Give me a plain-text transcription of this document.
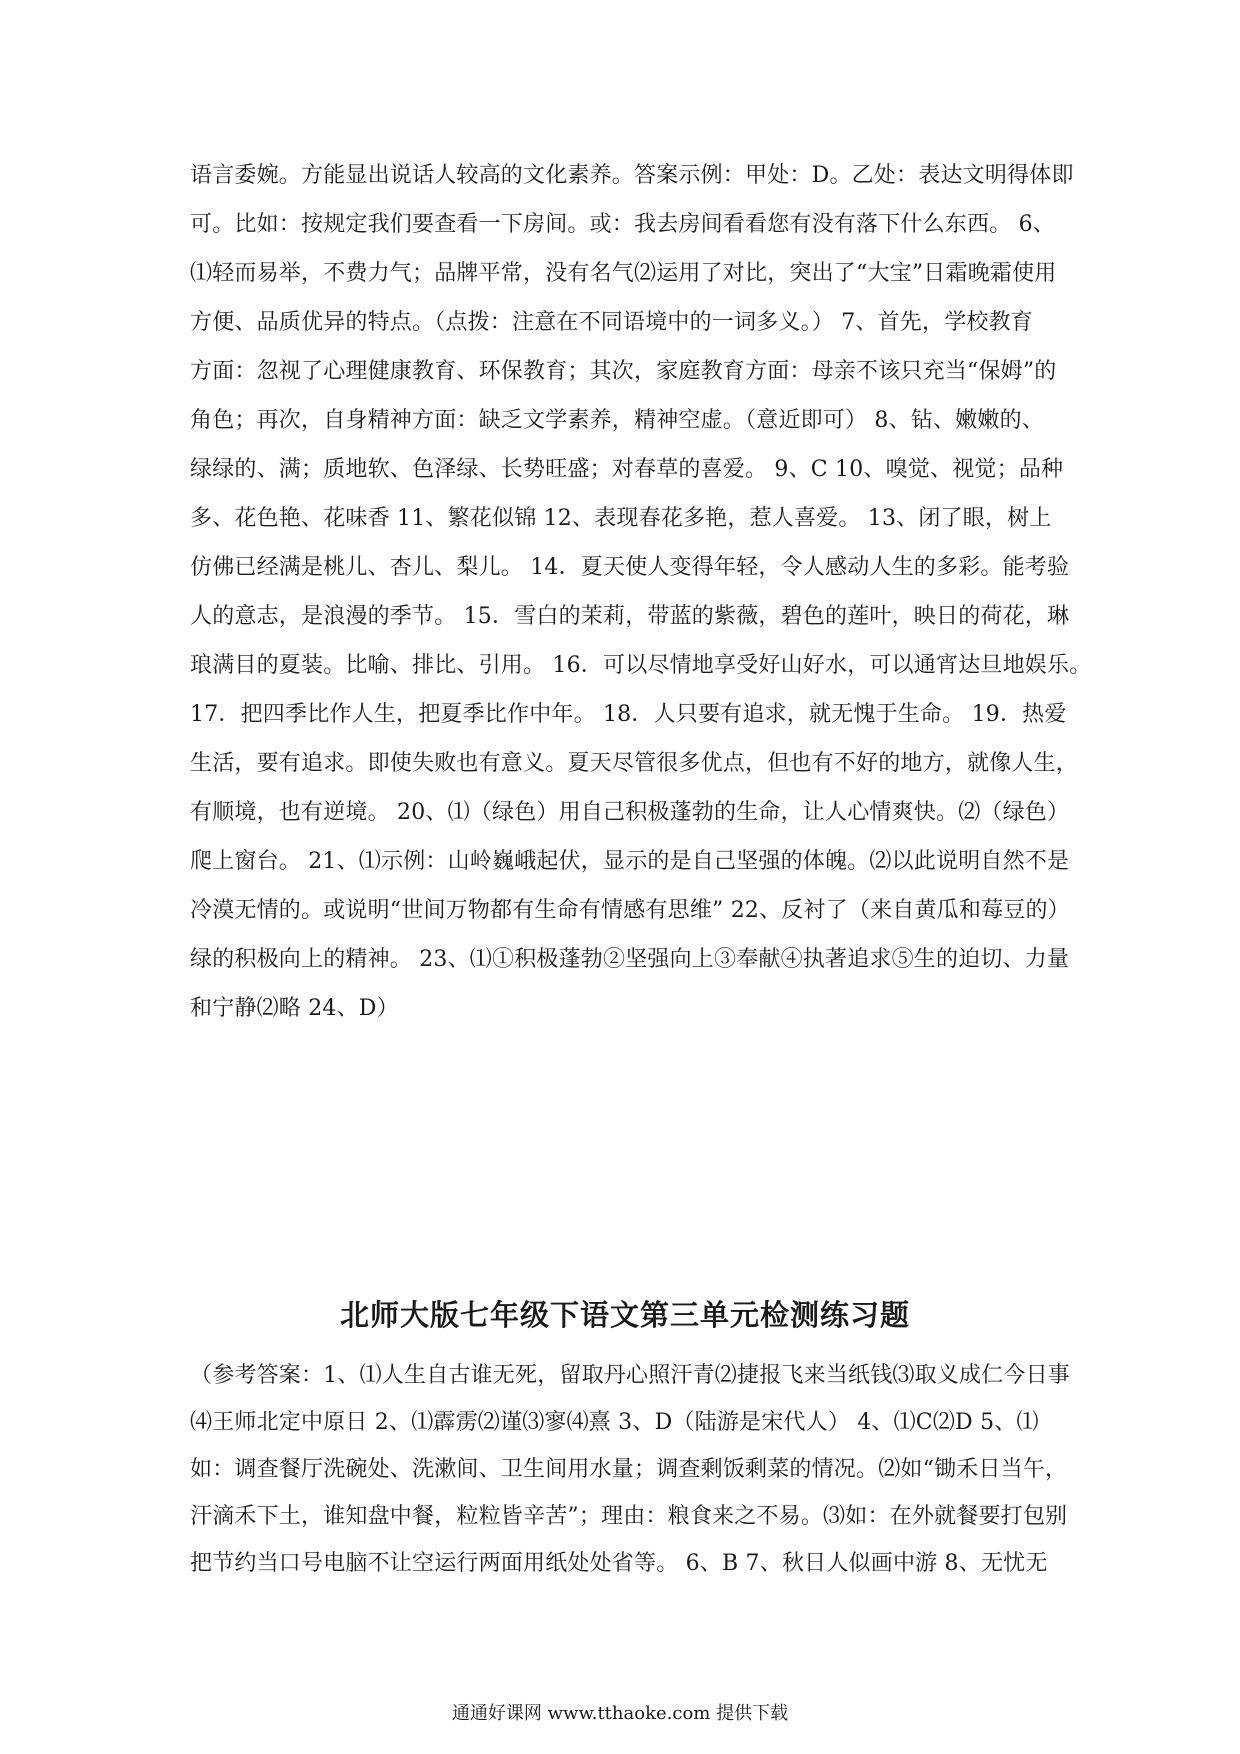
语言委婉。方能显出说话人较高的文化素养。答案示例：甲处：D。乙处：表达文明得体即
可。比如：按规定我们要查看一下房间。或：我去房间看看您有没有落下什么东西。 6、
⑴轻而易举，不费力气；品牌平常，没有名气⑵运用了对比，突出了“大宝”日霜晚霜使用
方便、品质优异的特点。（点拨：注意在不同语境中的一词多义。） 7、首先，学校教育
方面：忽视了心理健康教育、环保教育；其次，家庭教育方面：母亲不该只充当“保姆”的
角色；再次，自身精神方面：缺乏文学素养，精神空虚。（意近即可） 8、钻、嫩嫩的、
绿绿的、满；质地软、色泽绿、长势旺盛；对春草的喜爱。 9、C 10、嗅觉、视觉；品种
多、花色艳、花味香 11、繁花似锦 12、表现春花多艳，惹人喜爱。 13、闭了眼，树上
仿佛已经满是桃儿、杏儿、梨儿。 14．夏天使人变得年轻，令人感动人生的多彩。能考验
人的意志，是浪漫的季节。 15．雪白的茉莉，带蓝的紫薇，碧色的莲叶，映日的荷花，琳
琅满目的夏装。比喻、排比、引用。 16．可以尽情地享受好山好水，可以通宵达旦地娱乐。
17．把四季比作人生，把夏季比作中年。 18．人只要有追求，就无愧于生命。 19．热爱
生活，要有追求。即使失败也有意义。夏天尽管很多优点，但也有不好的地方，就像人生，
有顺境，也有逆境。 20、⑴（绿色）用自己积极蓬勃的生命，让人心情爽快。⑵（绿色）
爬上窗台。 21、⑴示例：山岭巍峨起伏，显示的是自己坚强的体魄。⑵以此说明自然不是
冷漠无情的。或说明“世间万物都有生命有情感有思维” 22、反衬了（来自黄瓜和莓豆的）
绿的积极向上的精神。 23、⑴①积极蓬勃②坚强向上③奉献④执著追求⑤生的迫切、力量
和宁静⑵略 24、D）
北师大版七年级下语文第三单元检测练习题
（参考答案：1、⑴人生自古谁无死，留取丹心照汗青⑵捷报飞来当纸钱⑶取义成仁今日事
⑷王师北定中原日 2、⑴霹雳⑵谨⑶寥⑷熹 3、D（陆游是宋代人） 4、⑴C⑵D 5、⑴
如：调查餐厅洗碗处、洗漱间、卫生间用水量；调查剩饭剩菜的情况。⑵如“锄禾日当午，
汗滴禾下土，谁知盘中餐，粒粒皆辛苦”；理由：粮食来之不易。⑶如：在外就餐要打包别
把节约当口号电脑不让空运行两面用纸处处省等。 6、B 7、秋日人似画中游 8、无忧无
通通好课网 www.tthaoke.com 提供下载
